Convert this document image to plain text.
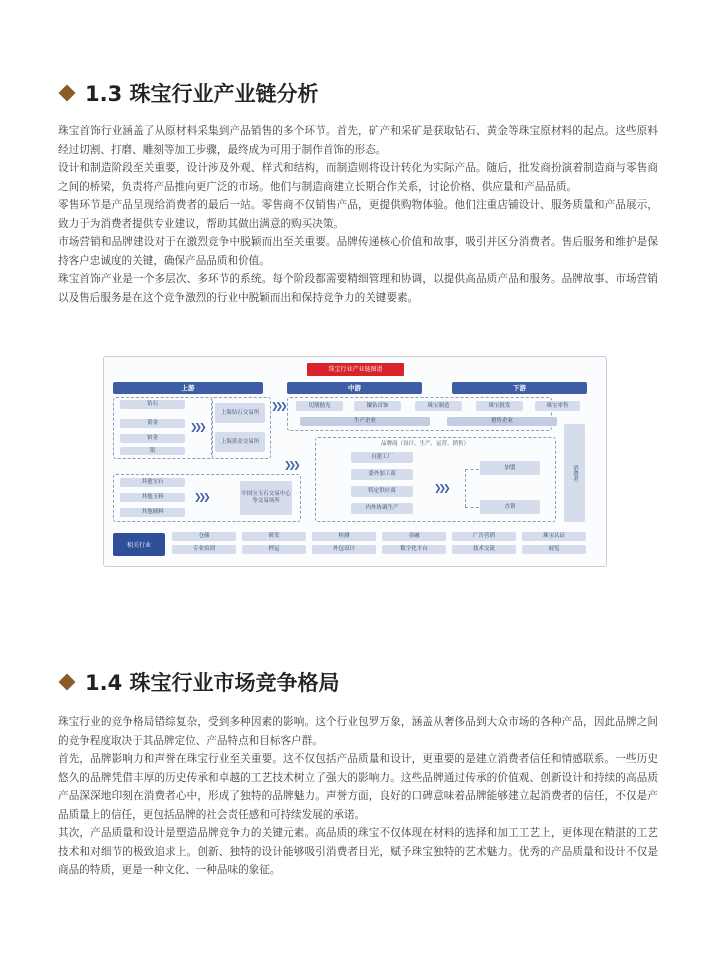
1.3 珠宝行业产业链分析

珠宝首饰行业涵盖了从原材料采集到产品销售的多个环节。首先，矿产和采矿是获取钻石、黄金等珠宝原材料的起点。这些原料经过切割、打磨、雕刻等加工步骤，最终成为可用于制作首饰的形态。

设计和制造阶段至关重要，设计涉及外观、样式和结构，而制造则将设计转化为实际产品。随后，批发商扮演着制造商与零售商之间的桥梁，负责将产品推向更广泛的市场。他们与制造商建立长期合作关系，讨论价格、供应量和产品品质。

零售环节是产品呈现给消费者的最后一站。零售商不仅销售产品，更提供购物体验。他们注重店铺设计、服务质量和产品展示，致力于为消费者提供专业建议，帮助其做出满意的购买决策。

市场营销和品牌建设对于在激烈竞争中脱颖而出至关重要。品牌传递核心价值和故事，吸引并区分消费者。售后服务和维护是保持客户忠诚度的关键，确保产品品质和价值。

珠宝首饰产业是一个多层次、多环节的系统。每个阶段都需要精细管理和协调，以提供高品质产品和服务。品牌故事、市场营销以及售后服务是在这个竞争激烈的行业中脱颖而出和保持竞争力的关键要素。

珠宝行业产业链图谱
上游	中游	下游
钻石
黄金
铂金
银
❯❯❯
上海钻石交易所
上海黄金交易所
其他宝石
其他玉料
其他辅料
❯❯❯	中国宝玉石交易中心等交易场所
❯❯❯
❯❯❯
切割抛光	镶钻首饰	珠宝制造	珠宝批发	珠宝零售
生产企业	销售企业
品牌商（设计、生产、运营、销售）
自建工厂
委外加工商
特定供应商
内外协调生产
❯❯❯
加盟
直销
消费者
相关行业
仓储	研发	检测	金融	广告营销	珠宝认证
专业培训	押运	外包设计	数字化平台	技术交流	展览
1.4 珠宝行业市场竞争格局

珠宝行业的竞争格局错综复杂，受到多种因素的影响。这个行业包罗万象，涵盖从奢侈品到大众市场的各种产品，因此品牌之间的竞争程度取决于其品牌定位、产品特点和目标客户群。

首先，品牌影响力和声誉在珠宝行业至关重要。这不仅包括产品质量和设计，更重要的是建立消费者信任和情感联系。一些历史悠久的品牌凭借丰厚的历史传承和卓越的工艺技术树立了强大的影响力。这些品牌通过传承的价值观、创新设计和持续的高品质产品深深地印刻在消费者心中，形成了独特的品牌魅力。声誉方面，良好的口碑意味着品牌能够建立起消费者的信任，不仅是产品质量上的信任，更包括品牌的社会责任感和可持续发展的承诺。

其次，产品质量和设计是塑造品牌竞争力的关键元素。高品质的珠宝不仅体现在材料的选择和加工工艺上，更体现在精湛的工艺技术和对细节的极致追求上。创新、独特的设计能够吸引消费者目光，赋予珠宝独特的艺术魅力。优秀的产品质量和设计不仅是商品的特质，更是一种文化、一种品味的象征。
